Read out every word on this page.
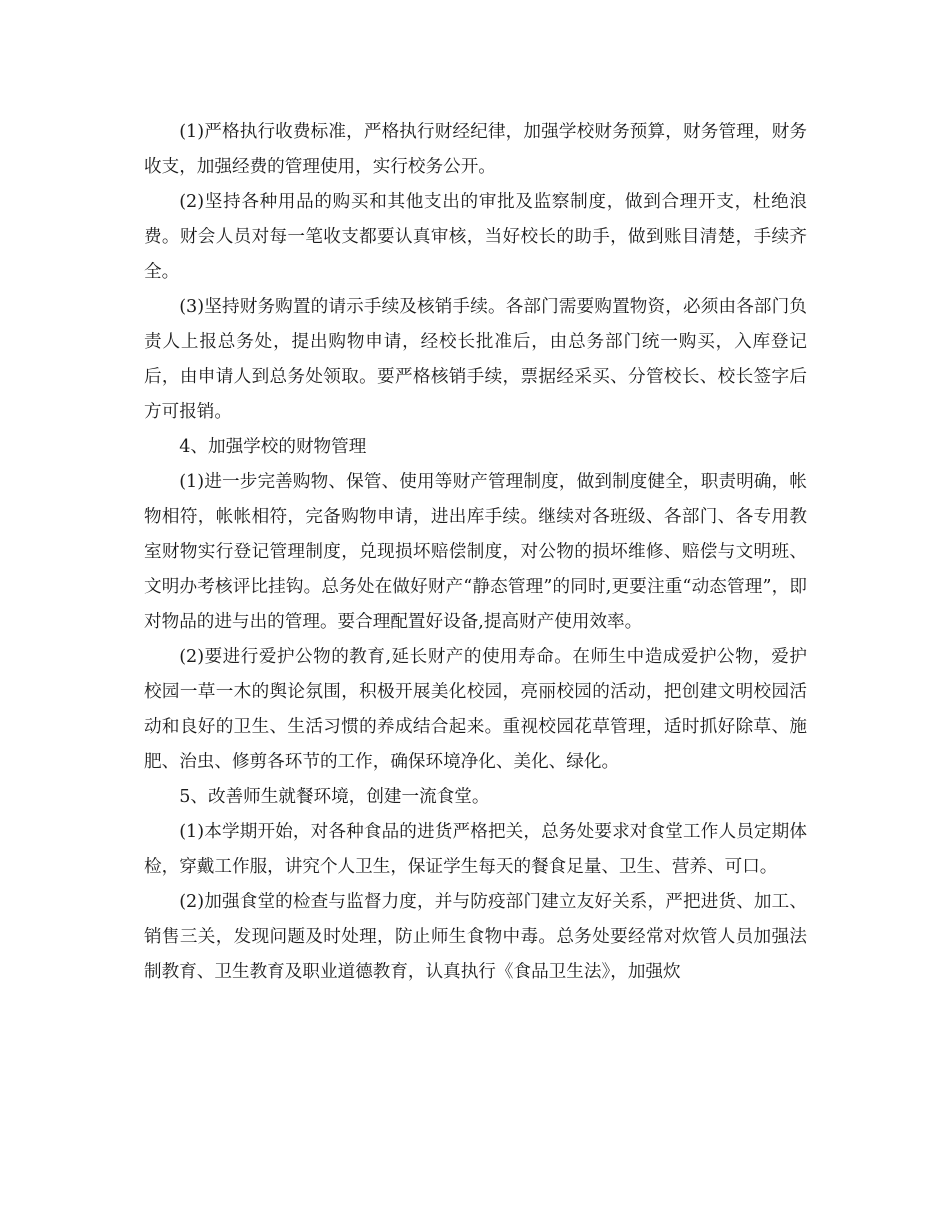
(1)严格执行收费标准，严格执行财经纪律，加强学校财务预算，财务管理，财务收支，加强经费的管理使用，实行校务公开。

(2)坚持各种用品的购买和其他支出的审批及监察制度，做到合理开支，杜绝浪费。财会人员对每一笔收支都要认真审核，当好校长的助手，做到账目清楚，手续齐全。

(3)坚持财务购置的请示手续及核销手续。各部门需要购置物资，必须由各部门负责人上报总务处，提出购物申请，经校长批准后，由总务部门统一购买，入库登记后，由申请人到总务处领取。要严格核销手续，票据经采买、分管校长、校长签字后方可报销。

4、加强学校的财物管理

(1)进一步完善购物、保管、使用等财产管理制度，做到制度健全，职责明确，帐物相符，帐帐相符，完备购物申请，进出库手续。继续对各班级、各部门、各专用教室财物实行登记管理制度，兑现损坏赔偿制度，对公物的损坏维修、赔偿与文明班、文明办考核评比挂钩。总务处在做好财产“静态管理”的同时,更要注重“动态管理”，即对物品的进与出的管理。要合理配置好设备,提高财产使用效率。

(2)要进行爱护公物的教育,延长财产的使用寿命。在师生中造成爱护公物，爱护校园一草一木的舆论氛围，积极开展美化校园，亮丽校园的活动，把创建文明校园活动和良好的卫生、生活习惯的养成结合起来。重视校园花草管理，适时抓好除草、施肥、治虫、修剪各环节的工作，确保环境净化、美化、绿化。

5、改善师生就餐环境，创建一流食堂。

(1)本学期开始，对各种食品的进货严格把关，总务处要求对食堂工作人员定期体检，穿戴工作服，讲究个人卫生，保证学生每天的餐食足量、卫生、营养、可口。

(2)加强食堂的检查与监督力度，并与防疫部门建立友好关系，严把进货、加工、销售三关，发现问题及时处理，防止师生食物中毒。总务处要经常对炊管人员加强法制教育、卫生教育及职业道德教育，认真执行《食品卫生法》，加强炊
